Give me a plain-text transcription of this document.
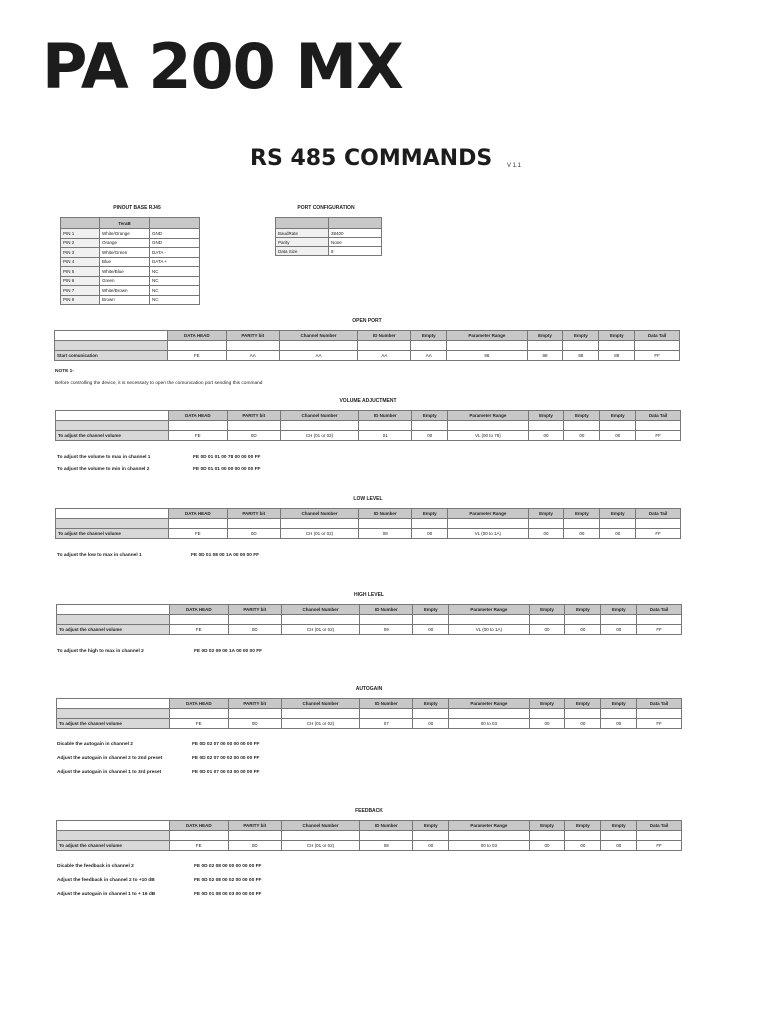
PA 200 MX
RS 485 COMMANDS V 1.1
PINOUT BASE RJ45
	TeraB	
PIN 1	White/Orange	GND
PIN 2	Orange	GND
PIN 3	White/Green	DATA -
PIN 4	Blue	DATA +
PIN 5	White/Blue	NC
PIN 6	Green	NC
PIN 7	White/Brown	NC
PIN 8	Brown	NC
PORT CONFIGURATION

BaudRate	38400
Parity	None
Data Size	8
OPEN PORT
	DATA HEAD	PARITY bit	Channel Number	ID Number	Empty	Parameter Range	Empty	Empty	Empty	Data Tail

Start comunication	FE	AA	AA	AA	AA	88	88	88	88	FF
NOTE 1-
Before controlling the device, it is necessary to open the comunication port sending this command
VOLUME ADJUCTMENT
	DATA HEAD	PARITY bit	Channel Number	ID Number	Empty	Parameter Range	Empty	Empty	Empty	Data Tail

To adjust the channel volume	FE	0D	CH (01 or 02)	01	00	VL (00 to 78)	00	00	00	FF
To adjust the volume to max in channel 1	FE 0D 01 01 00 78 00 00 00 FF
To adjust the volume to min in channel 2	FE 0D 01 01 00 00 00 00 00 FF
LOW LEVEL
	DATA HEAD	PARITY bit	Channel Number	ID Number	Empty	Parameter Range	Empty	Empty	Empty	Data Tail

To adjust the channel volume	FE	0D	CH (01 or 02)	08	00	VL (00 to 1A)	00	00	00	FF
To adjust the low to max in channel 1	FE 0D 01 08 00 1A 00 00 00 FF
HIGH LEVEL
	DATA HEAD	PARITY bit	Channel Number	ID Number	Empty	Parameter Range	Empty	Empty	Empty	Data Tail

To adjust the channel volume	FE	0D	CH (01 or 02)	09	00	VL (00 to 1A)	00	00	00	FF
To adjust the high to max in channel 2	FE 0D 02 09 00 1A 00 00 00 FF
AUTOGAIN
	DATA HEAD	PARITY bit	Channel Number	ID Number	Empty	Parameter Range	Empty	Empty	Empty	Data Tail

To adjust the channel volume	FE	0D	CH (01 or 02)	07	00	00 to 03	00	00	00	FF
Dicable the autogain in channel 2	FE 0D 02 07 00 00 00 00 00 FF
Adjust the autogain in channel 2 to 2nd preset	FE 0D 02 07 00 02 00 00 00 FF
Adjust the autogain in channel 1 to 3rd preset	FE 0D 01 07 00 03 00 00 00 FF
FEEDBACK
	DATA HEAD	PARITY bit	Channel Number	ID Number	Empty	Parameter Range	Empty	Empty	Empty	Data Tail

To adjust the channel volume	FE	0D	CH (01 or 02)	08	00	00 to 03	00	00	00	FF
Dicable the feedback in channel 2	FE 0D 02 08 00 00 00 00 00 FF
Adjust the feedback in channel 2 to +10 dB	FE 0D 02 08 00 02 00 00 00 FF
Adjust the autogain in channel 1 to + 16 dB	FE 0D 01 08 00 03 00 00 00 FF
